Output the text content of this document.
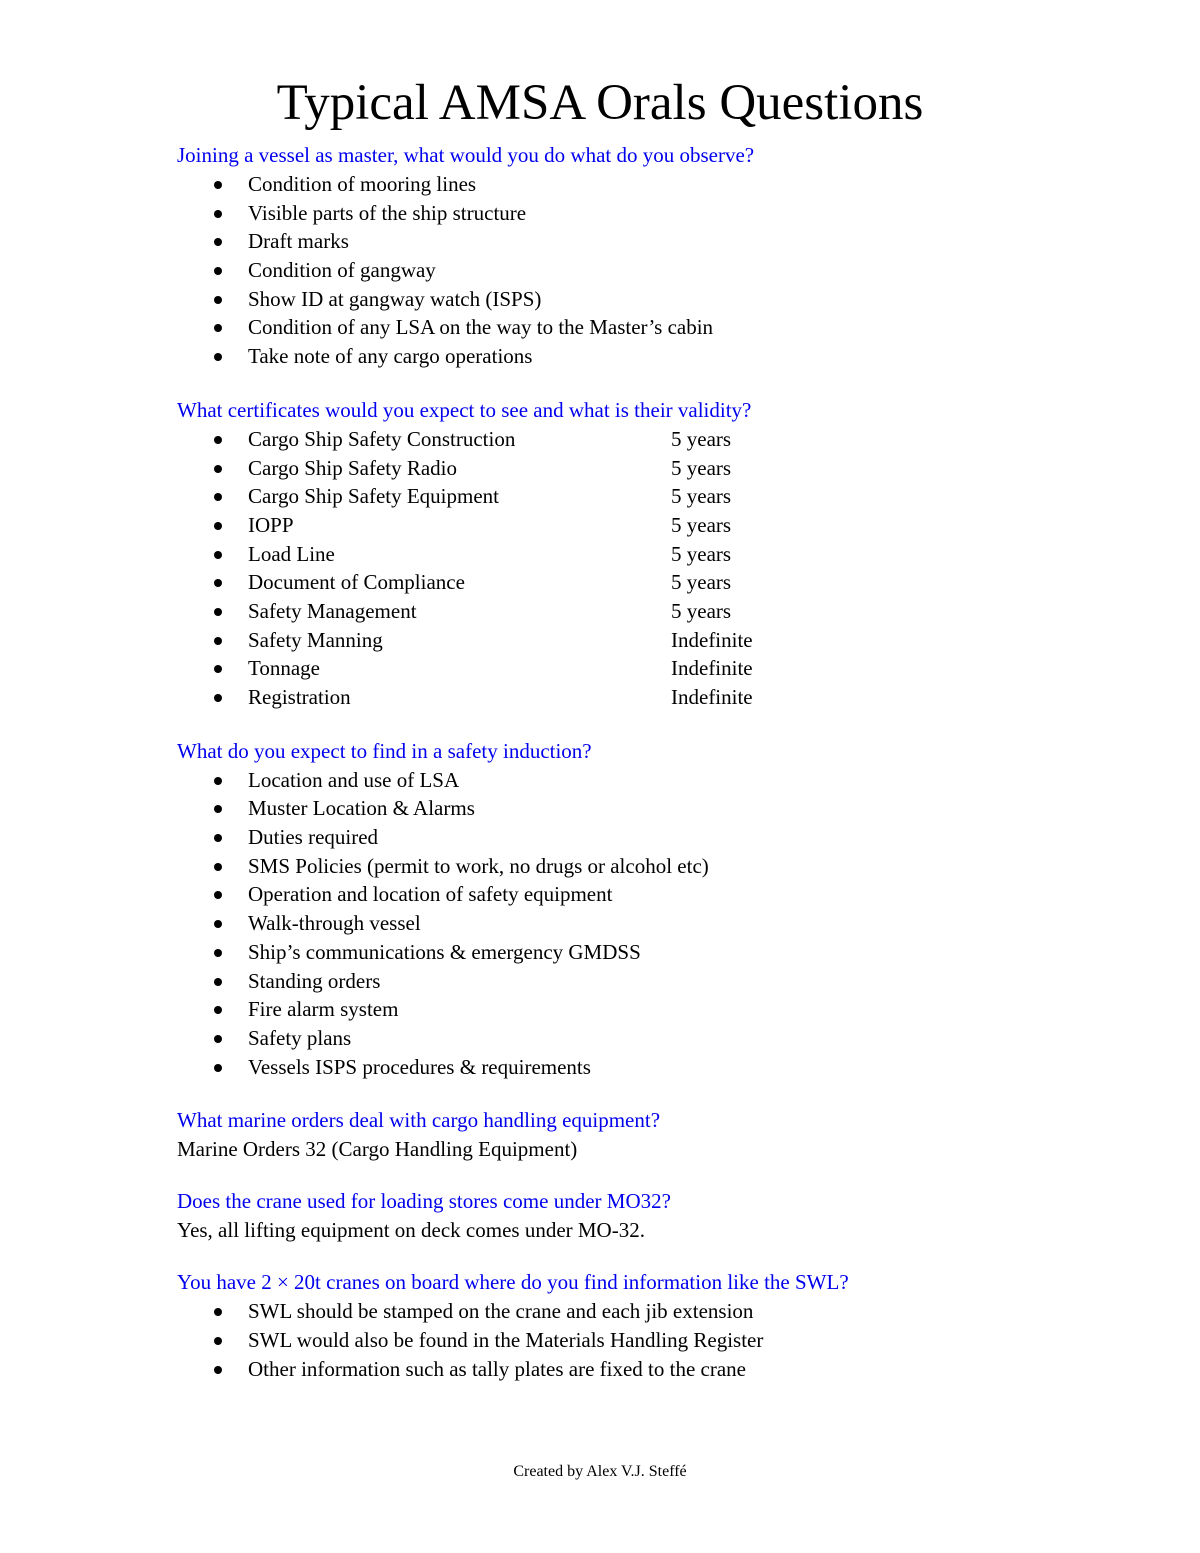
Typical AMSA Orals Questions

Joining a vessel as master, what would you do what do you observe?

Condition of mooring lines
Visible parts of the ship structure
Draft marks
Condition of gangway
Show ID at gangway watch (ISPS)
Condition of any LSA on the way to the Master’s cabin
Take note of any cargo operations

What certificates would you expect to see and what is their validity?

Cargo Ship Safety Construction	5 years
Cargo Ship Safety Radio	5 years
Cargo Ship Safety Equipment	5 years
IOPP	5 years
Load Line	5 years
Document of Compliance	5 years
Safety Management	5 years
Safety Manning	Indefinite
Tonnage	Indefinite
Registration	Indefinite

What do you expect to find in a safety induction?

Location and use of LSA
Muster Location & Alarms
Duties required
SMS Policies (permit to work, no drugs or alcohol etc)
Operation and location of safety equipment
Walk-through vessel
Ship’s communications & emergency GMDSS
Standing orders
Fire alarm system
Safety plans
Vessels ISPS procedures & requirements

What marine orders deal with cargo handling equipment?

Marine Orders 32 (Cargo Handling Equipment)

Does the crane used for loading stores come under MO32?

Yes, all lifting equipment on deck comes under MO-32.

You have 2 × 20t cranes on board where do you find information like the SWL?

SWL should be stamped on the crane and each jib extension
SWL would also be found in the Materials Handling Register
Other information such as tally plates are fixed to the crane
Created by Alex V.J. Steffé
